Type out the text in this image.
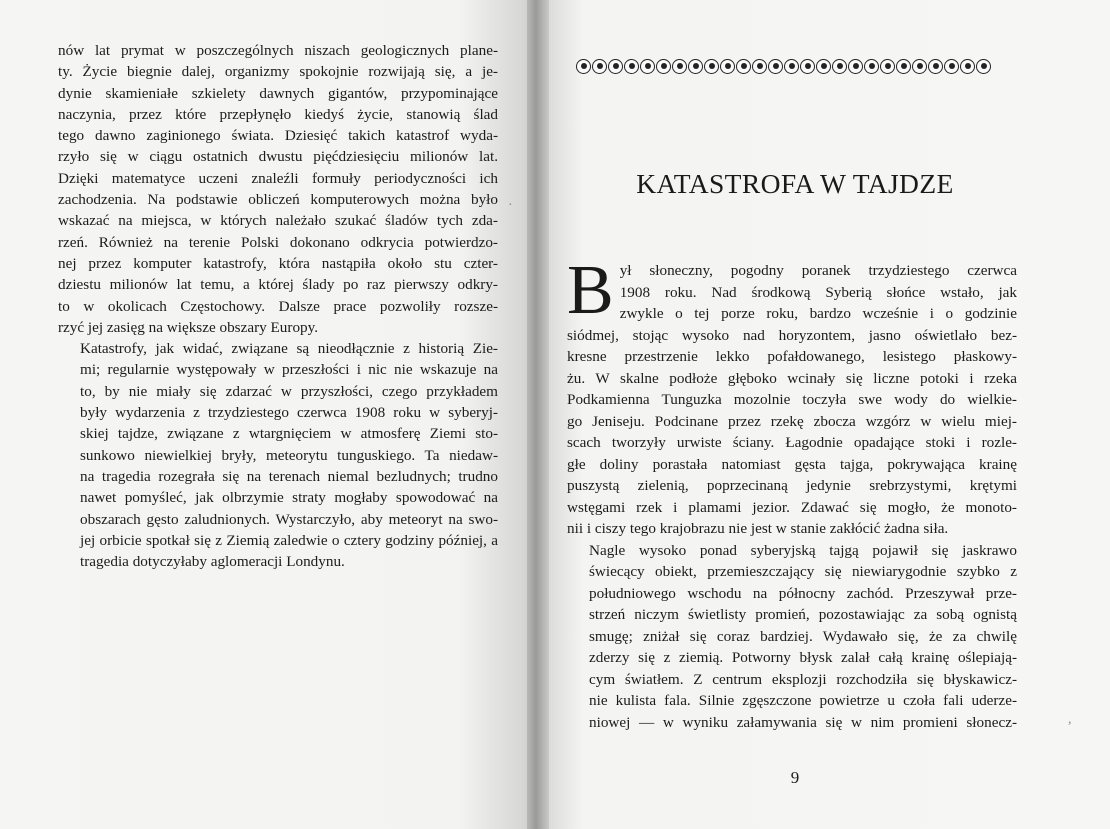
nów lat prymat w poszczególnych niszach geologicznych plane-
ty. Życie biegnie dalej, organizmy spokojnie rozwijają się, a je-
dynie skamieniałe szkielety dawnych gigantów, przypominające
naczynia, przez które przepłynęło kiedyś życie, stanowią ślad
tego dawno zaginionego świata. Dziesięć takich katastrof wyda-
rzyło się w ciągu ostatnich dwustu pięćdziesięciu milionów lat.
Dzięki matematyce uczeni znaleźli formuły periodyczności ich
zachodzenia. Na podstawie obliczeń komputerowych można było
wskazać na miejsca, w których należało szukać śladów tych zda-
rzeń. Również na terenie Polski dokonano odkrycia potwierdzo-
nej przez komputer katastrofy, która nastąpiła około stu czter-
dziestu milionów lat temu, a której ślady po raz pierwszy odkry-
to w okolicach Częstochowy. Dalsze prace pozwoliły rozsze-
rzyć jej zasięg na większe obszary Europy.

Katastrofy, jak widać, związane są nieodłącznie z historią Zie-
mi; regularnie występowały w przeszłości i nic nie wskazuje na
to, by nie miały się zdarzać w przyszłości, czego przykładem
były wydarzenia z trzydziestego czerwca 1908 roku w syberyj-
skiej tajdze, związane z wtargnięciem w atmosferę Ziemi sto-
sunkowo niewielkiej bryły, meteorytu tunguskiego. Ta niedaw-
na tragedia rozegrała się na terenach niemal bezludnych; trudno
nawet pomyśleć, jak olbrzymie straty mogłaby spowodować na
obszarach gęsto zaludnionych. Wystarczyło, aby meteoryt na swo-
jej orbicie spotkał się z Ziemią zaledwie o cztery godziny później, a
tragedia dotyczyłaby aglomeracji Londynu.

·
KATASTROFA W TAJDZE

B ył słoneczny, pogodny poranek trzydziestego czerwca
1908 roku. Nad środkową Syberią słońce wstało, jak
zwykle o tej porze roku, bardzo wcześnie i o godzinie
siódmej, stojąc wysoko nad horyzontem, jasno oświetlało bez-
kresne przestrzenie lekko pofałdowanego, lesistego płaskowy-
żu. W skalne podłoże głęboko wcinały się liczne potoki i rzeka
Podkamienna Tunguzka mozolnie toczyła swe wody do wielkie-
go Jeniseju. Podcinane przez rzekę zbocza wzgórz w wielu miej-
scach tworzyły urwiste ściany. Łagodnie opadające stoki i rozle-
głe doliny porastała natomiast gęsta tajga, pokrywająca krainę
puszystą zielenią, poprzecinaną jedynie srebrzystymi, krętymi
wstęgami rzek i plamami jezior. Zdawać się mogło, że monoto-
nii i ciszy tego krajobrazu nie jest w stanie zakłócić żadna siła.

Nagle wysoko ponad syberyjską tajgą pojawił się jaskrawo
świecący obiekt, przemieszczający się niewiarygodnie szybko z
południowego wschodu na północny zachód. Przeszywał prze-
strzeń niczym świetlisty promień, pozostawiając za sobą ognistą
smugę; zniżał się coraz bardziej. Wydawało się, że za chwilę
zderzy się z ziemią. Potworny błysk zalał całą krainę oślepiają-
cym światłem. Z centrum eksplozji rozchodziła się błyskawicz-
nie kulista fala. Silnie zgęszczone powietrze u czoła fali uderze-
niowej — w wyniku załamywania się w nim promieni słonecz-

9
,
